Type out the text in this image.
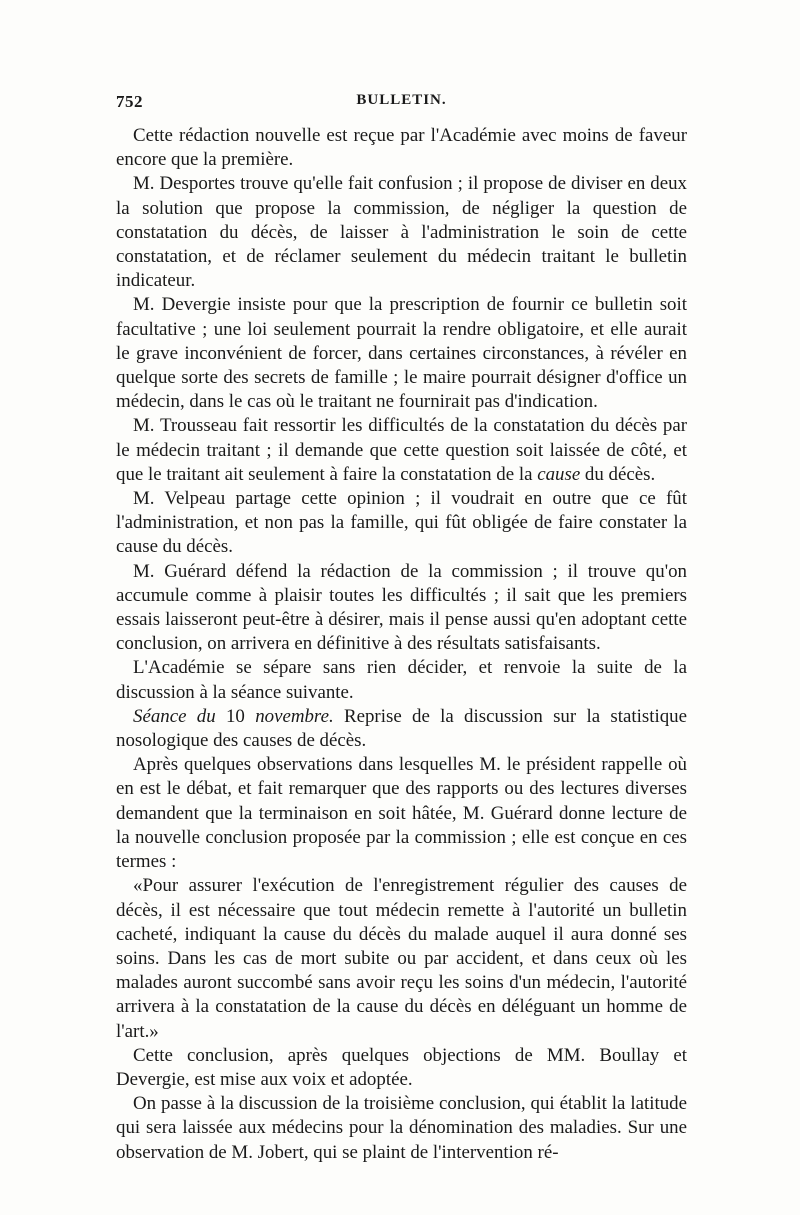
752	BULLETIN.

Cette rédaction nouvelle est reçue par l'Académie avec moins de faveur encore que la première.

M. Desportes trouve qu'elle fait confusion ; il propose de diviser en deux la solution que propose la commission, de négliger la question de constatation du décès, de laisser à l'administration le soin de cette constatation, et de réclamer seulement du médecin traitant le bulletin indicateur.

M. Devergie insiste pour que la prescription de fournir ce bulletin soit facultative ; une loi seulement pourrait la rendre obligatoire, et elle aurait le grave inconvénient de forcer, dans certaines circonstances, à révéler en quelque sorte des secrets de famille ; le maire pourrait désigner d'office un médecin, dans le cas où le traitant ne fournirait pas d'indication.

M. Trousseau fait ressortir les difficultés de la constatation du décès par le médecin traitant ; il demande que cette question soit laissée de côté, et que le traitant ait seulement à faire la constatation de la cause du décès.

M. Velpeau partage cette opinion ; il voudrait en outre que ce fût l'administration, et non pas la famille, qui fût obligée de faire constater la cause du décès.

M. Guérard défend la rédaction de la commission ; il trouve qu'on accumule comme à plaisir toutes les difficultés ; il sait que les premiers essais laisseront peut-être à désirer, mais il pense aussi qu'en adoptant cette conclusion, on arrivera en définitive à des résultats satisfaisants.

L'Académie se sépare sans rien décider, et renvoie la suite de la discussion à la séance suivante.

Séance du 10 novembre. Reprise de la discussion sur la statistique nosologique des causes de décès.

Après quelques observations dans lesquelles M. le président rappelle où en est le débat, et fait remarquer que des rapports ou des lectures diverses demandent que la terminaison en soit hâtée, M. Guérard donne lecture de la nouvelle conclusion proposée par la commission ; elle est conçue en ces termes :

«Pour assurer l'exécution de l'enregistrement régulier des causes de décès, il est nécessaire que tout médecin remette à l'autorité un bulletin cacheté, indiquant la cause du décès du malade auquel il aura donné ses soins. Dans les cas de mort subite ou par accident, et dans ceux où les malades auront succombé sans avoir reçu les soins d'un médecin, l'autorité arrivera à la constatation de la cause du décès en déléguant un homme de l'art.»

Cette conclusion, après quelques objections de MM. Boullay et Devergie, est mise aux voix et adoptée.

On passe à la discussion de la troisième conclusion, qui établit la latitude qui sera laissée aux médecins pour la dénomination des maladies. Sur une observation de M. Jobert, qui se plaint de l'intervention ré-
